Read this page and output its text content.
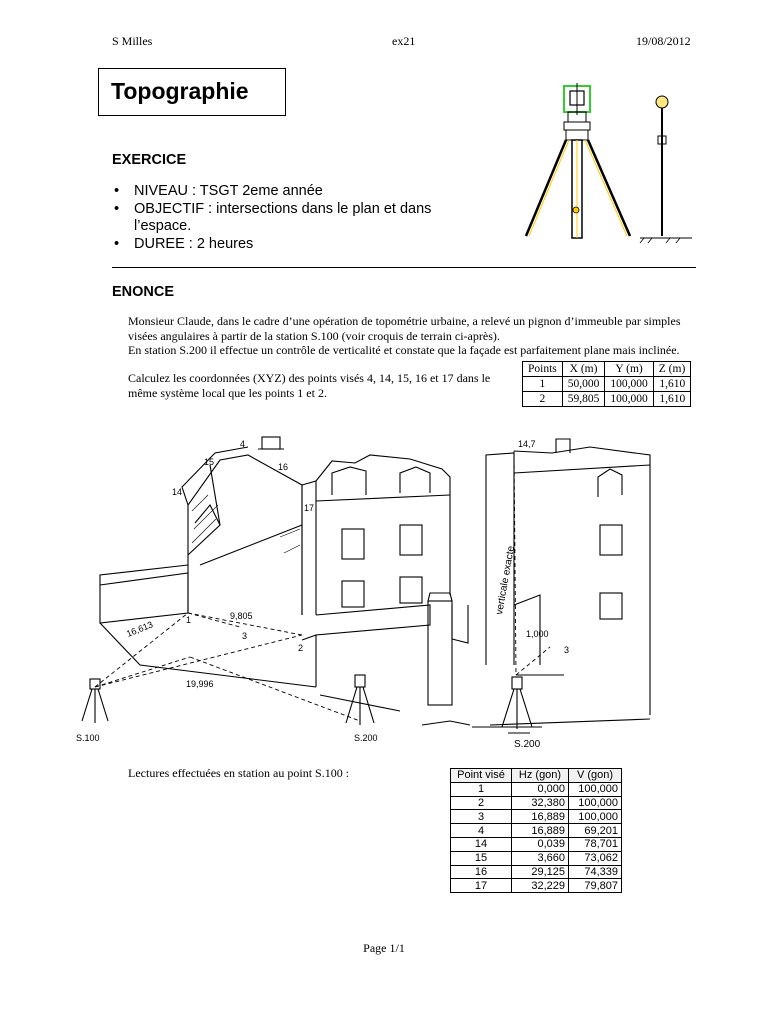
S Milles	ex21	19/08/2012
Topographie
EXERCICE
• NIVEAU : TSGT 2eme année
• OBJECTIF : intersections dans le plan et dans l’espace.
• DUREE : 2 heures
ENONCE

Monsieur Claude, dans le cadre d’une opération de topométrie urbaine, a relevé un pignon d’immeuble par simples visées angulaires à partir de la station S.100 (voir croquis de terrain ci-après).

En station S.200 il effectue un contrôle de verticalité et constate que la façade est parfaitement plane mais inclinée.

Calculez les coordonnées (XYZ) des points visés 4, 14, 15, 16 et 17 dans le même système local que les points 1 et 2.
Points	X (m)	Y (m)	Z (m)
1	50,000	100,000	1,610
2	59,805	100,000	1,610
4
15	16
14
17
1
2
3
9,805
16,613
19,996
S.100	S.200
14,7
verticale exacte
1,000
3
S.200
Lectures effectuées en station au point S.100 :	Point visé	Hz (gon)	V (gon)
1	0,000	100,000
2	32,380	100,000
3	16,889	100,000
4	16,889	69,201
14	0,039	78,701
15	3,660	73,062
16	29,125	74,339
17	32,229	79,807
Page 1/1
